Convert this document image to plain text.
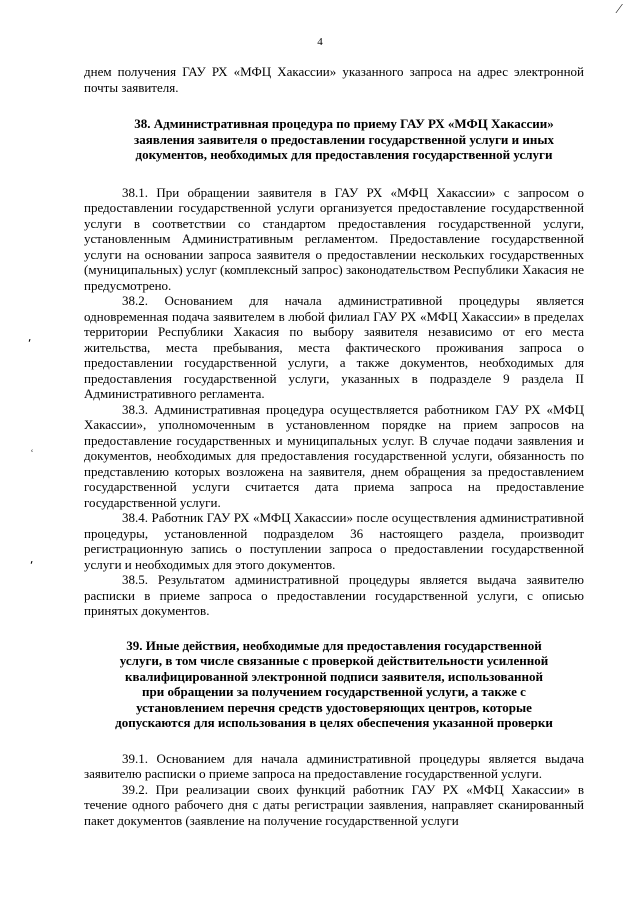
4
⁄
ʹ
ʿ
ʹ

днем получения ГАУ РХ «МФЦ Хакассии» указанного запроса на адрес электронной почты заявителя.

38. Административная процедура по приему ГАУ РХ «МФЦ Хакассии» заявления заявителя о предоставлении государственной услуги и иных документов, необходимых для предоставления государственной услуги

38.1. При обращении заявителя в ГАУ РХ «МФЦ Хакассии» с запросом о предоставлении государственной услуги организуется предоставление государственной услуги в соответствии со стандартом предоставления государственной услуги, установленным Административным регламентом. Предоставление государственной услуги на основании запроса заявителя о предоставлении нескольких государственных (муниципальных) услуг (комплексный запрос) законодательством Республики Хакасия не предусмотрено.

38.2. Основанием для начала административной процедуры является одновременная подача заявителем в любой филиал ГАУ РХ «МФЦ Хакассии» в пределах территории Республики Хакасия по выбору заявителя независимо от его места жительства, места пребывания, места фактического проживания запроса о предоставлении государственной услуги, а также документов, необходимых для предоставления государственной услуги, указанных в подразделе 9 раздела II Административного регламента.

38.3. Административная процедура осуществляется работником ГАУ РХ «МФЦ Хакассии», уполномоченным в установленном порядке на прием запросов на предоставление государственных и муниципальных услуг. В случае подачи заявления и документов, необходимых для предоставления государственной услуги, обязанность по представлению которых возложена на заявителя, днем обращения за предоставлением государственной услуги считается дата приема запроса на предоставление государственной услуги.

38.4. Работник ГАУ РХ «МФЦ Хакассии» после осуществления административной процедуры, установленной подразделом 36 настоящего раздела, производит регистрационную запись о поступлении запроса о предоставлении государственной услуги и необходимых для этого документов.

38.5. Результатом административной процедуры является выдача заявителю расписки в приеме запроса о предоставлении государственной услуги, с описью принятых документов.

39. Иные действия, необходимые для предоставления государственной
услуги, в том числе связанные с проверкой действительности усиленной
квалифицированной электронной подписи заявителя, использованной
при обращении за получением государственной услуги, а также с
установлением перечня средств удостоверяющих центров, которые
допускаются для использования в целях обеспечения указанной проверки

39.1. Основанием для начала административной процедуры является выдача заявителю расписки о приеме запроса на предоставление государственной услуги.

39.2. При реализации своих функций работник ГАУ РХ «МФЦ Хакассии» в течение одного рабочего дня с даты регистрации заявления, направляет сканированный пакет документов (заявление на получение государственной услуги
